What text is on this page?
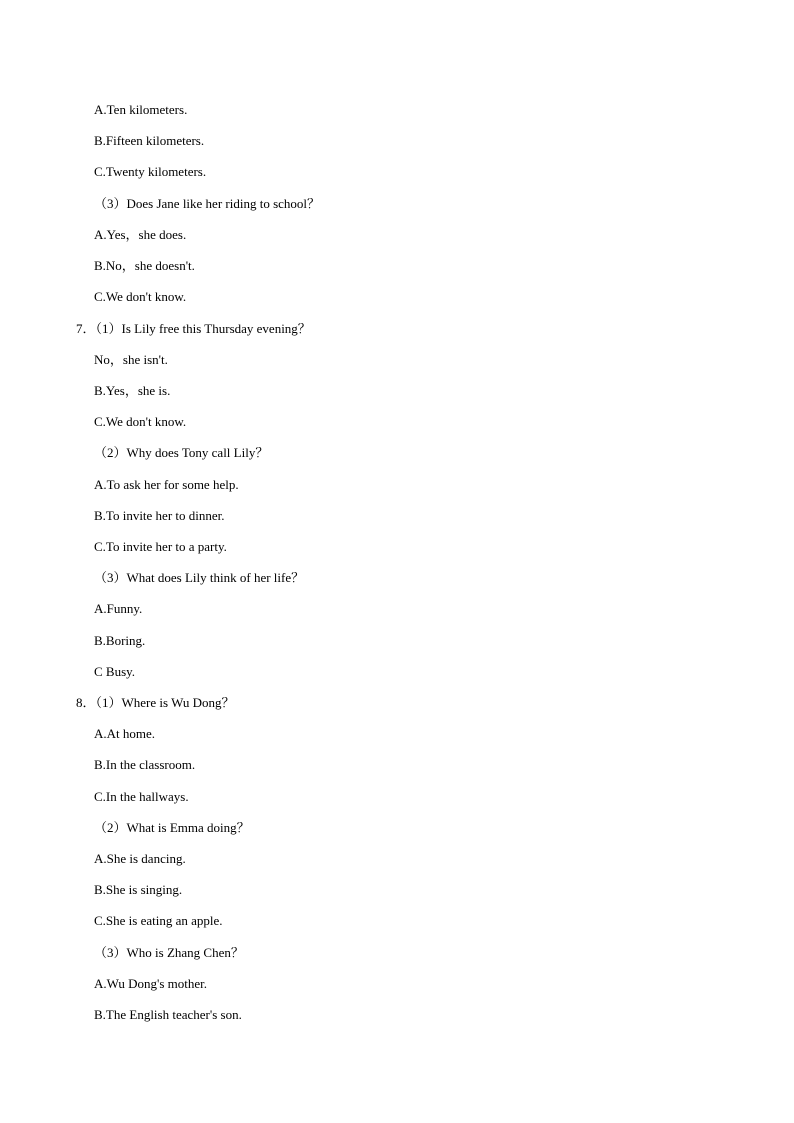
A.Ten kilometers.
B.Fifteen kilometers.
C.Twenty kilometers.
（3）Does Jane like her riding to school？
A.Yes，she does.
B.No，she doesn't.
C.We don't know.
7．（1）Is Lily free this Thursday evening？
No，she isn't.
B.Yes，she is.
C.We don't know.
（2）Why does Tony call Lily？
A.To ask her for some help.
B.To invite her to dinner.
C.To invite her to a party.
（3）What does Lily think of her life？
A.Funny.
B.Boring.
C Busy.
8．（1）Where is Wu Dong？
A.At home.
B.In the classroom.
C.In the hallways.
（2）What is Emma doing？
A.She is dancing.
B.She is singing.
C.She is eating an apple.
（3）Who is Zhang Chen？
A.Wu Dong's mother.
B.The English teacher's son.
